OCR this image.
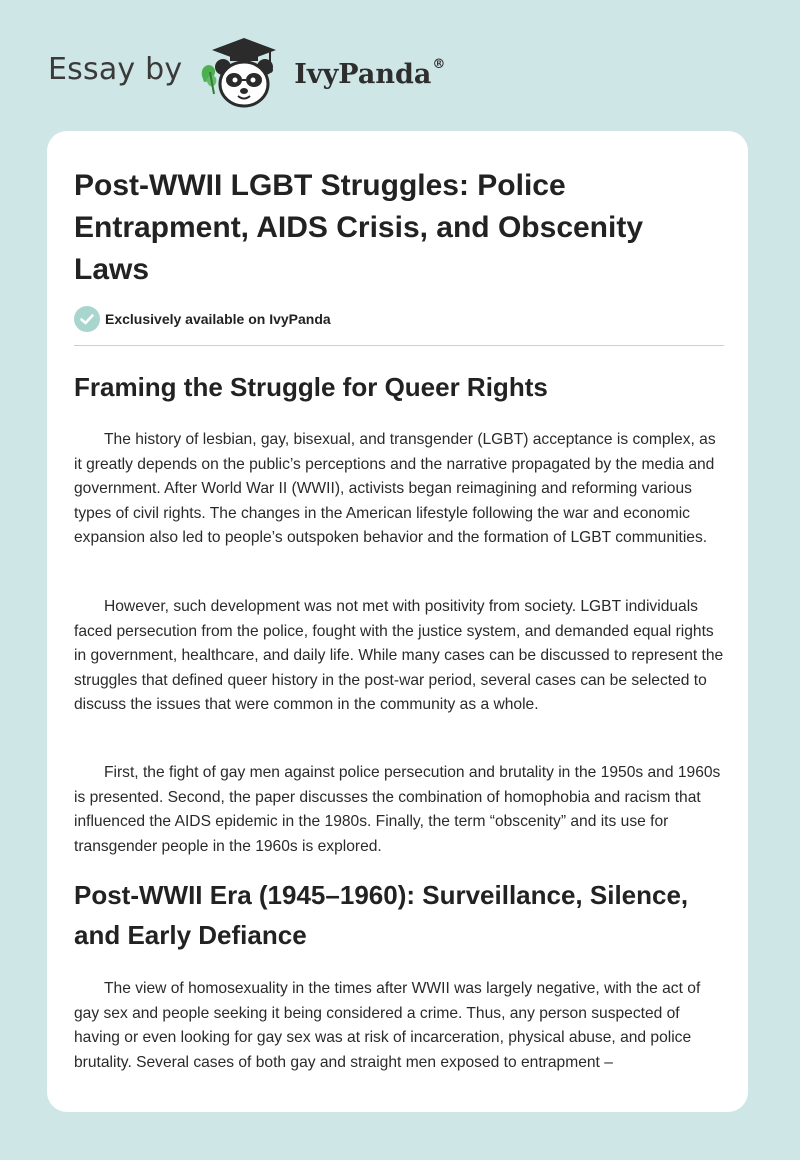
Essay by	IvyPanda®
Post-WWII LGBT Struggles: Police Entrapment, AIDS Crisis, and Obscenity Laws
Exclusively available on IvyPanda
Framing the Struggle for Queer Rights

The history of lesbian, gay, bisexual, and transgender (LGBT) acceptance is complex, as it greatly depends on the public’s perceptions and the narrative propagated by the media and government. After World War II (WWII), activists began reimagining and reforming various types of civil rights. The changes in the American lifestyle following the war and economic expansion also led to people’s outspoken behavior and the formation of LGBT communities.

However, such development was not met with positivity from society. LGBT individuals faced persecution from the police, fought with the justice system, and demanded equal rights in government, healthcare, and daily life. While many cases can be discussed to represent the struggles that defined queer history in the post-war period, several cases can be selected to discuss the issues that were common in the community as a whole.

First, the fight of gay men against police persecution and brutality in the 1950s and 1960s is presented. Second, the paper discusses the combination of homophobia and racism that influenced the AIDS epidemic in the 1980s. Finally, the term “obscenity” and its use for transgender people in the 1960s is explored.

Post-WWII Era (1945–1960): Surveillance, Silence, and Early Defiance

The view of homosexuality in the times after WWII was largely negative, with the act of gay sex and people seeking it being considered a crime. Thus, any person suspected of having or even looking for gay sex was at risk of incarceration, physical abuse, and police brutality. Several cases of both gay and straight men exposed to entrapment –
